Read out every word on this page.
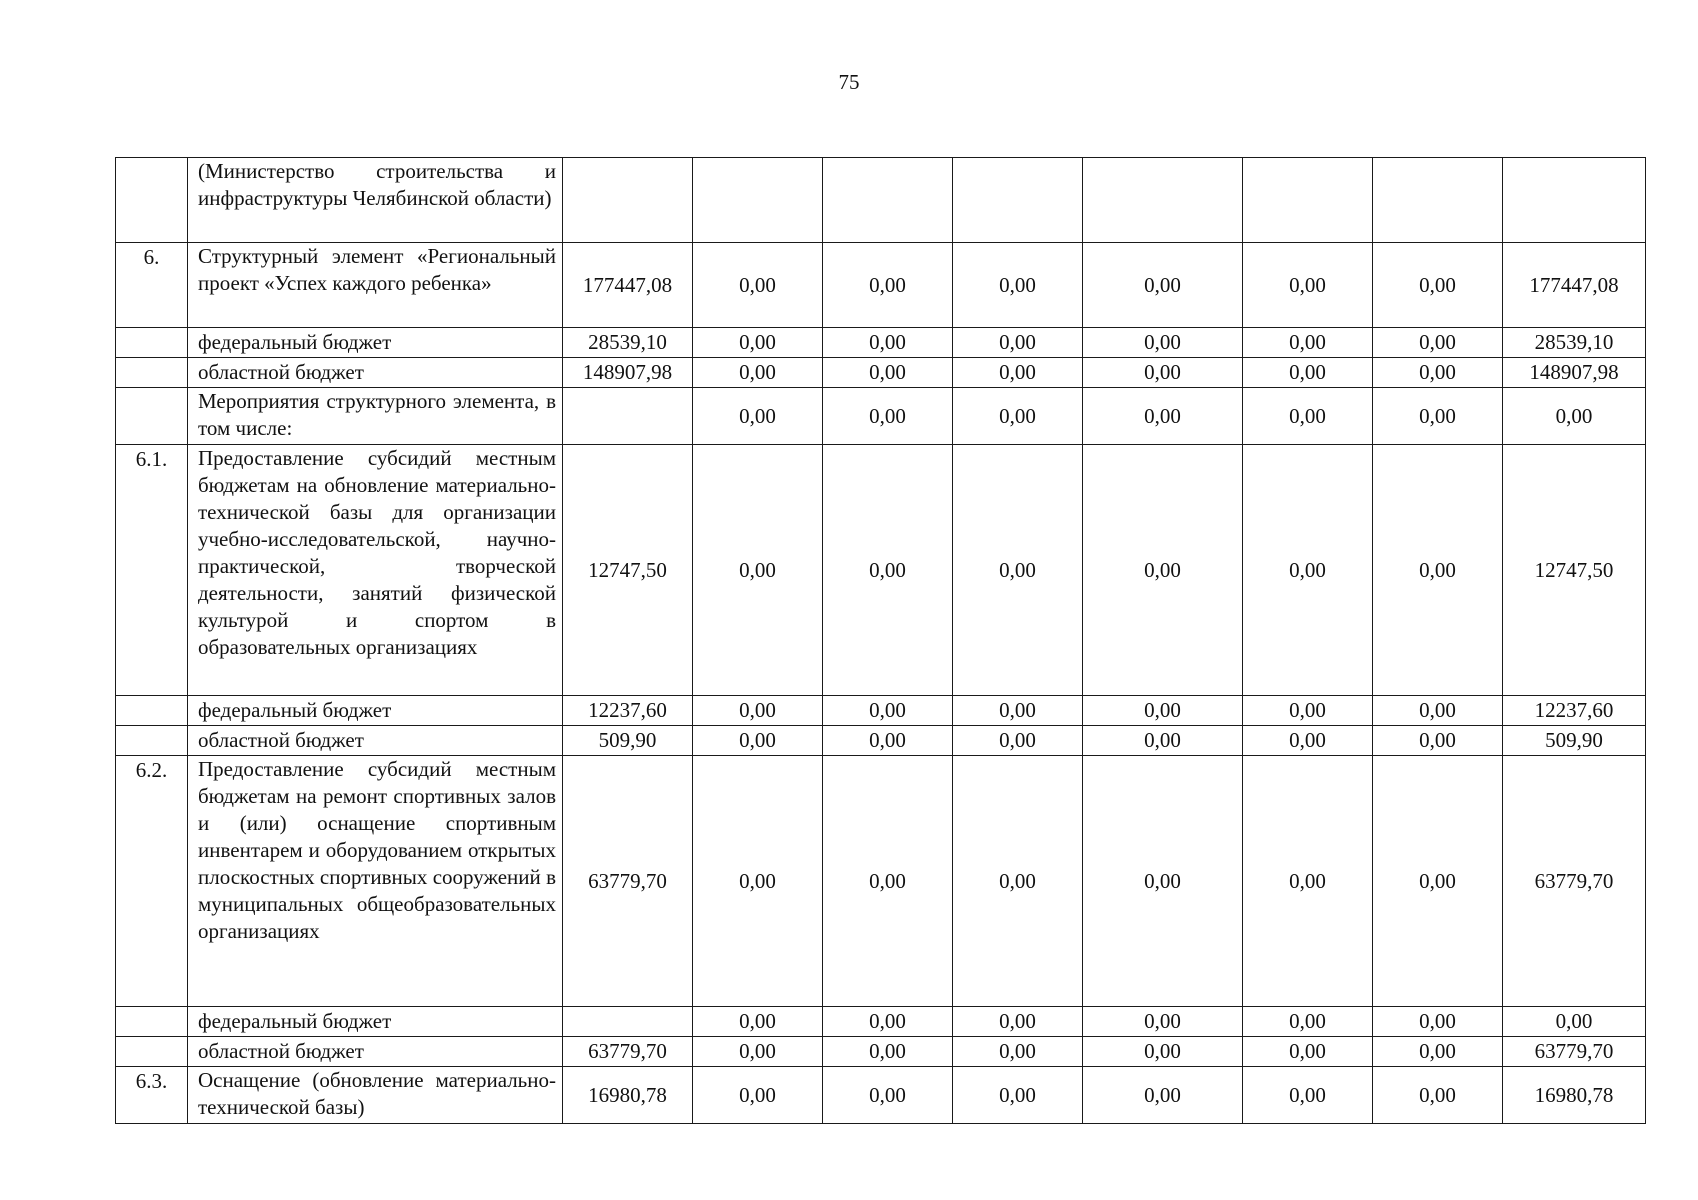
75
	(Министерство строительства и инфраструктуры Челябинской области)								
6.	Структурный элемент «Региональный проект «Успех каждого ребенка»	177447,08	0,00	0,00	0,00	0,00	0,00	0,00	177447,08
	федеральный бюджет	28539,10	0,00	0,00	0,00	0,00	0,00	0,00	28539,10
	областной бюджет	148907,98	0,00	0,00	0,00	0,00	0,00	0,00	148907,98
	Мероприятия структурного элемента, в том числе:		0,00	0,00	0,00	0,00	0,00	0,00	0,00
6.1.	Предоставление субсидий местным бюджетам на обновление материально-технической базы для организации учебно-исследовательской, научно-практической, творческой деятельности, занятий физической культурой и спортом в образовательных организациях	12747,50	0,00	0,00	0,00	0,00	0,00	0,00	12747,50
	федеральный бюджет	12237,60	0,00	0,00	0,00	0,00	0,00	0,00	12237,60
	областной бюджет	509,90	0,00	0,00	0,00	0,00	0,00	0,00	509,90
6.2.	Предоставление субсидий местным бюджетам на ремонт спортивных залов и (или) оснащение спортивным инвентарем и оборудованием открытых плоскостных спортивных сооружений в муниципальных общеобразовательных организациях	63779,70	0,00	0,00	0,00	0,00	0,00	0,00	63779,70
	федеральный бюджет		0,00	0,00	0,00	0,00	0,00	0,00	0,00
	областной бюджет	63779,70	0,00	0,00	0,00	0,00	0,00	0,00	63779,70
6.3.	Оснащение (обновление материально-технической базы)	16980,78	0,00	0,00	0,00	0,00	0,00	0,00	16980,78
